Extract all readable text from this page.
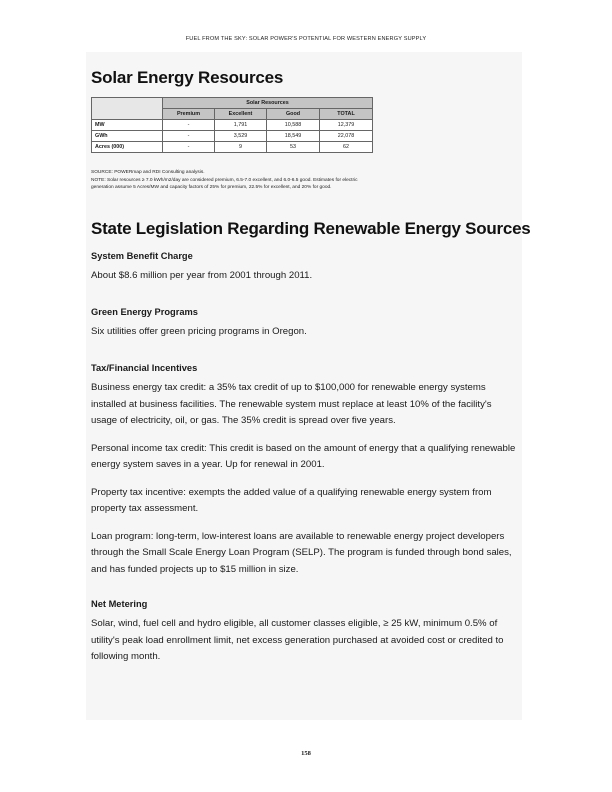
FUEL FROM THE SKY: SOLAR POWER'S POTENTIAL FOR WESTERN ENERGY SUPPLY
Solar Energy Resources
	Solar Resources			
	Premium	Excellent	Good	TOTAL
MW	-	1,791	10,588	12,379
GWh	-	3,529	18,549	22,078
Acres (000)	-	9	53	62

SOURCE: POWERmap and RDI Consulting analysis.

NOTE: Solar resources ≥ 7.0 kWh/m2/day are considered premium, 6.5-7.0 excellent, and 6.0-6.5 good. Estimates for electric generation assume 5 Acres/MW and capacity factors of 25% for premium, 22.5% for excellent, and 20% for good.

State Legislation Regarding Renewable Energy Sources

System Benefit Charge

About $8.6 million per year from 2001 through 2011.

Green Energy Programs

Six utilities offer green pricing programs in Oregon.

Tax/Financial Incentives

Business energy tax credit: a 35% tax credit of up to $100,000 for renewable energy systems installed at business facilities. The renewable system must replace at least 10% of the facility's usage of electricity, oil, or gas. The 35% credit is spread over five years.

Personal income tax credit: This credit is based on the amount of energy that a qualifying renewable energy system saves in a year. Up for renewal in 2001.

Property tax incentive: exempts the added value of a qualifying renewable energy system from property tax assessment.

Loan program: long-term, low-interest loans are available to renewable energy project developers through the Small Scale Energy Loan Program (SELP). The program is funded through bond sales, and has funded projects up to $15 million in size.

Net Metering

Solar, wind, fuel cell and hydro eligible, all customer classes eligible, ≥ 25 kW, minimum 0.5% of utility's peak load enrollment limit, net excess generation purchased at avoided cost or credited to following month.

158
